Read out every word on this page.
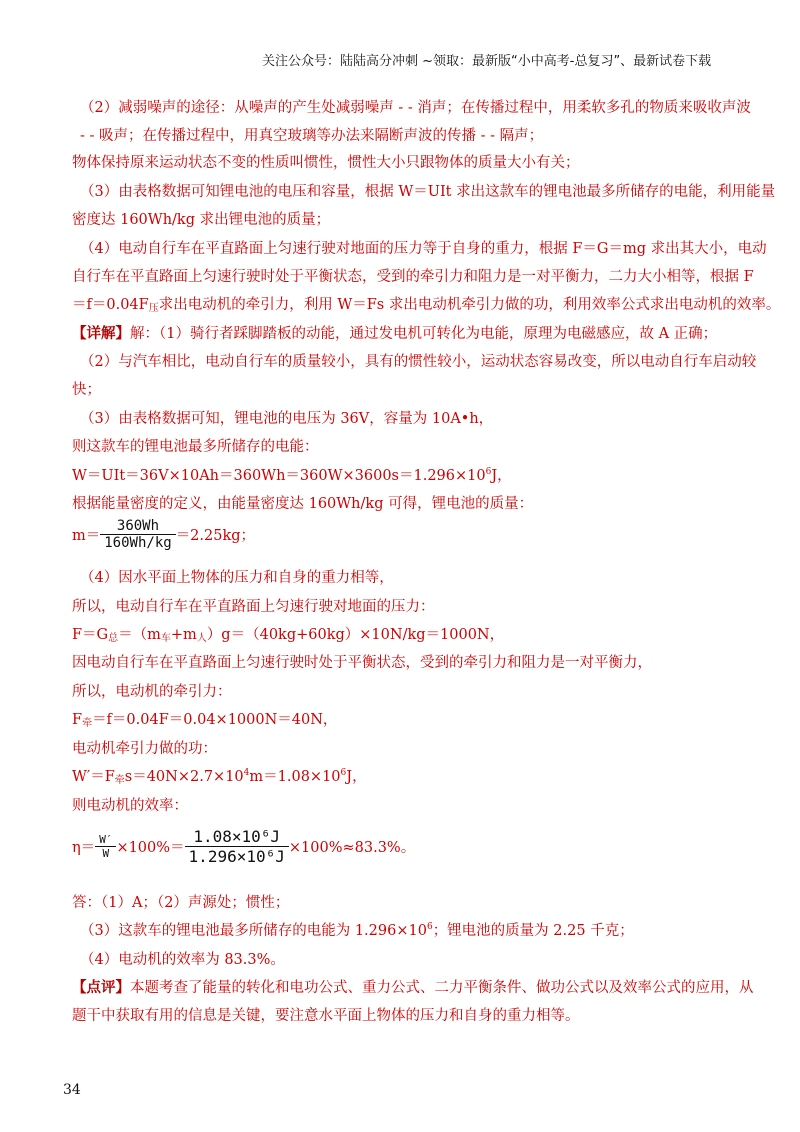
关注公众号：陆陆高分冲刺 ~领取：最新版“小中高考-总复习”、最新试卷下载
（2）减弱噪声的途径：从噪声的产生处减弱噪声 - - 消声；在传播过程中，用柔软多孔的物质来吸收声波
- - 吸声；在传播过程中，用真空玻璃等办法来隔断声波的传播 - - 隔声；
物体保持原来运动状态不变的性质叫惯性，惯性大小只跟物体的质量大小有关；
（3）由表格数据可知锂电池的电压和容量，根据 W＝UIt 求出这款车的锂电池最多所储存的电能，利用能量
密度达 160Wh/kg 求出锂电池的质量；
（4）电动自行车在平直路面上匀速行驶对地面的压力等于自身的重力，根据 F＝G＝mg 求出其大小，电动
自行车在平直路面上匀速行驶时处于平衡状态，受到的牵引力和阻力是一对平衡力，二力大小相等，根据 F
$=f=0.04F_压$求出电动机的牵引力，利用 W＝Fs 求出电动机牵引力做的功，利用效率公式求出电动机的效率。
【详解】解：（1）骑行者踩脚踏板的动能，通过发电机可转化为电能，原理为电磁感应，故 A 正确；
（2）与汽车相比，电动自行车的质量较小，具有的惯性较小，运动状态容易改变，所以电动自行车启动较
快；
（3）由表格数据可知，锂电池的电压为 36V，容量为 10A•h，
则这款车的锂电池最多所储存的电能：
$W=UIt=36V\times 10Ah=360Wh=360W\times 3600s=1.296\times 10^6J$，
根据能量密度的定义，由能量密度达 160Wh/kg 可得，锂电池的质量：
$m= \frac{360Wh}{160Wh/kg} =2.25kg$；
（4）因水平面上物体的压力和自身的重力相等，
所以，电动自行车在平直路面上匀速行驶对地面的压力：
$F=G_总=(m_车+m_人)g=(40kg+60kg)\times 10N/kg=1000N$，
因电动自行车在平直路面上匀速行驶时处于平衡状态，受到的牵引力和阻力是一对平衡力，
所以，电动机的牵引力：
$F_牵=f=0.04F=0.04\times 1000N=40N$，
电动机牵引力做的功：
$W'=F_牵s=40N\times 2.7\times 10^4m=1.08\times 10^6J$，
则电动机的效率：
$\eta= \frac{W'}{W} \times 100\%= \frac{\text{1.08×10⁶J}}{\text{1.296×10⁶J}} \times 100\%\approx 83.3\%$。
答：（1）A；（2）声源处；惯性；
（3）这款车的锂电池最多所储存的电能为 $1.296\times 10^6$；锂电池的质量为 2.25 千克；
（4）电动机的效率为 83.3%。
【点评】本题考查了能量的转化和电功公式、重力公式、二力平衡条件、做功公式以及效率公式的应用，从
题干中获取有用的信息是关键，要注意水平面上物体的压力和自身的重力相等。
34
